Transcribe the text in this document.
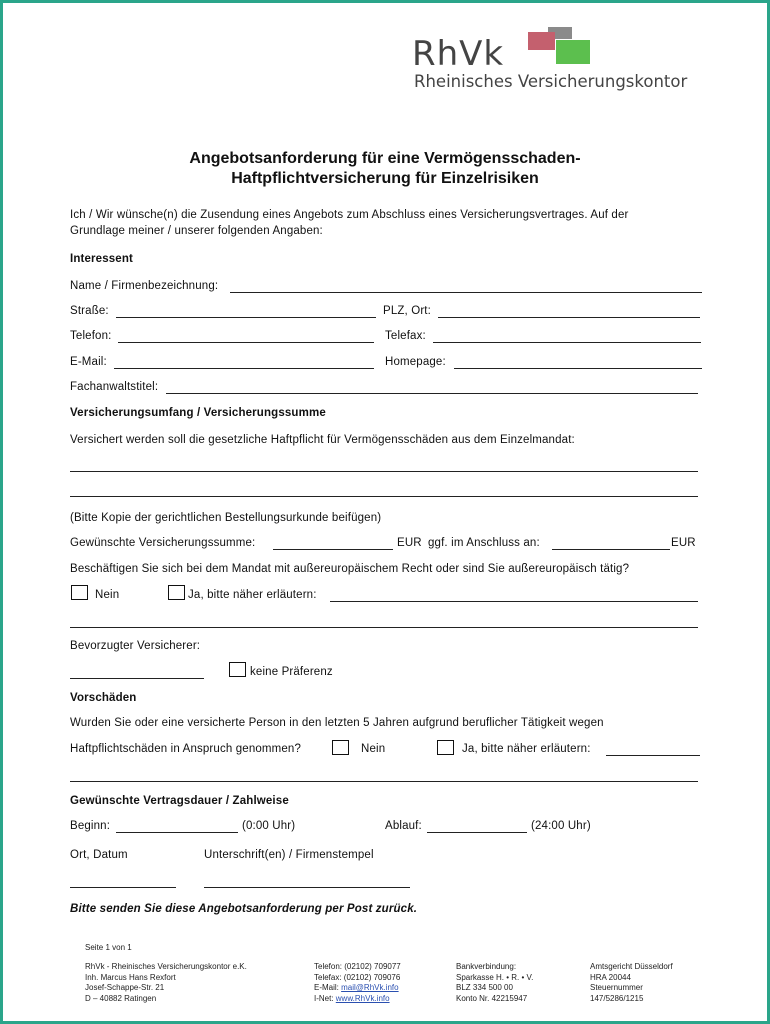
RhVk
Rheinisches Versicherungskontor
Angebotsanforderung für eine Vermögensschaden-
Haftpflichtversicherung für Einzelrisiken
Ich / Wir wünsche(n) die Zusendung eines Angebots zum Abschluss eines Versicherungsvertrages. Auf der
Grundlage meiner / unserer folgenden Angaben:
Interessent
Name / Firmenbezeichnung:
Straße:	PLZ, Ort:
Telefon:	Telefax:
E-Mail:	Homepage:
Fachanwaltstitel:
Versicherungsumfang / Versicherungssumme
Versichert werden soll die gesetzliche Haftpflicht für Vermögensschäden aus dem Einzelmandat:
(Bitte Kopie der gerichtlichen Bestellungsurkunde beifügen)
Gewünschte Versicherungssumme:	EUR ggf. im Anschluss an:	EUR
Beschäftigen Sie sich bei dem Mandat mit außereuropäischem Recht oder sind Sie außereuropäisch tätig?
Nein	Ja, bitte näher erläutern:
Bevorzugter Versicherer:
keine Präferenz
Vorschäden
Wurden Sie oder eine versicherte Person in den letzten 5 Jahren aufgrund beruflicher Tätigkeit wegen
Haftpflichtschäden in Anspruch genommen?	Nein	Ja, bitte näher erläutern:
Gewünschte Vertragsdauer / Zahlweise
Beginn:	(0:00 Uhr)	Ablauf:	(24:00 Uhr)
Ort, Datum	Unterschrift(en) / Firmenstempel
Bitte senden Sie diese Angebotsanforderung per Post zurück.
Seite 1 von 1
RhVk - Rheinisches Versicherungskontor e.K.
Inh. Marcus Hans Rexfort
Josef-Schappe-Str. 21
D – 40882 Ratingen
Telefon: (02102) 709077
Telefax: (02102) 709076
E-Mail: mail@RhVk.info
I-Net: www.RhVk.info
Bankverbindung:
Sparkasse H. • R. • V.
BLZ 334 500 00
Konto Nr. 42215947
Amtsgericht Düsseldorf
HRA 20044
Steuernummer
147/5286/1215
